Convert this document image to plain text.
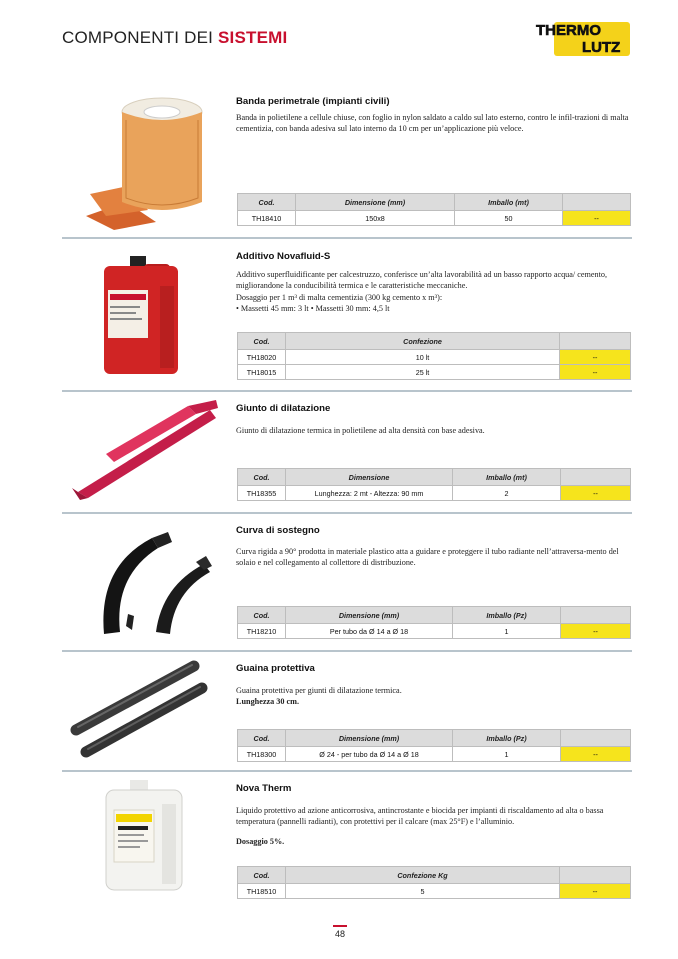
COMPONENTI DEI SISTEMI	THERMO
LUTZ
Banda perimetrale (impianti civili)

Banda in polietilene a cellule chiuse, con foglio in nylon saldato a caldo sul lato esterno, contro le infil-trazioni di malta cementizia, con banda adesiva sul lato interno da 10 cm per un’applicazione più veloce.

Cod.	Dimensione (mm)	Imballo (mt)	
TH18410	150x8	50	--
Additivo Novafluid-S

Additivo superfluidificante per calcestruzzo, conferisce un’alta lavorabilità ad un basso rapporto acqua/ cemento, migliorandone la conducibilità termica e le caratteristiche meccaniche.

Dosaggio per 1 m³ di malta cementizia (300 kg cemento x m³):

• Massetti 45 mm: 3 lt • Massetti 30 mm: 4,5 lt

Cod.	Confezione	
TH18020	10 lt	--
TH18015	25 lt	--
Giunto di dilatazione

Giunto di dilatazione termica in polietilene ad alta densità con base adesiva.

Cod.	Dimensione	Imballo (mt)	
TH18355	Lunghezza: 2 mt - Altezza: 90 mm	2	--
Curva di sostegno

Curva rigida a 90° prodotta in materiale plastico atta a guidare e proteggere il tubo radiante nell’attraversa-mento del solaio e nel collegamento al collettore di distribuzione.

Cod.	Dimensione (mm)	Imballo (Pz)	
TH18210	Per tubo da Ø 14 a Ø 18	1	--
Guaina protettiva

Guaina protettiva per giunti di dilatazione termica.

Lunghezza 30 cm.

Cod.	Dimensione (mm)	Imballo (Pz)	
TH18300	Ø 24 - per tubo da Ø 14 a Ø 18	1	--
Nova Therm

Liquido protettivo ad azione anticorrosiva, antincrostante e biocida per impianti di riscaldamento ad alta o bassa temperatura (pannelli radianti), con protettivi per il calcare (max 25°F) e l’alluminio.

Dosaggio 5%.

Cod.	Confezione Kg	
TH18510	5	--
48
